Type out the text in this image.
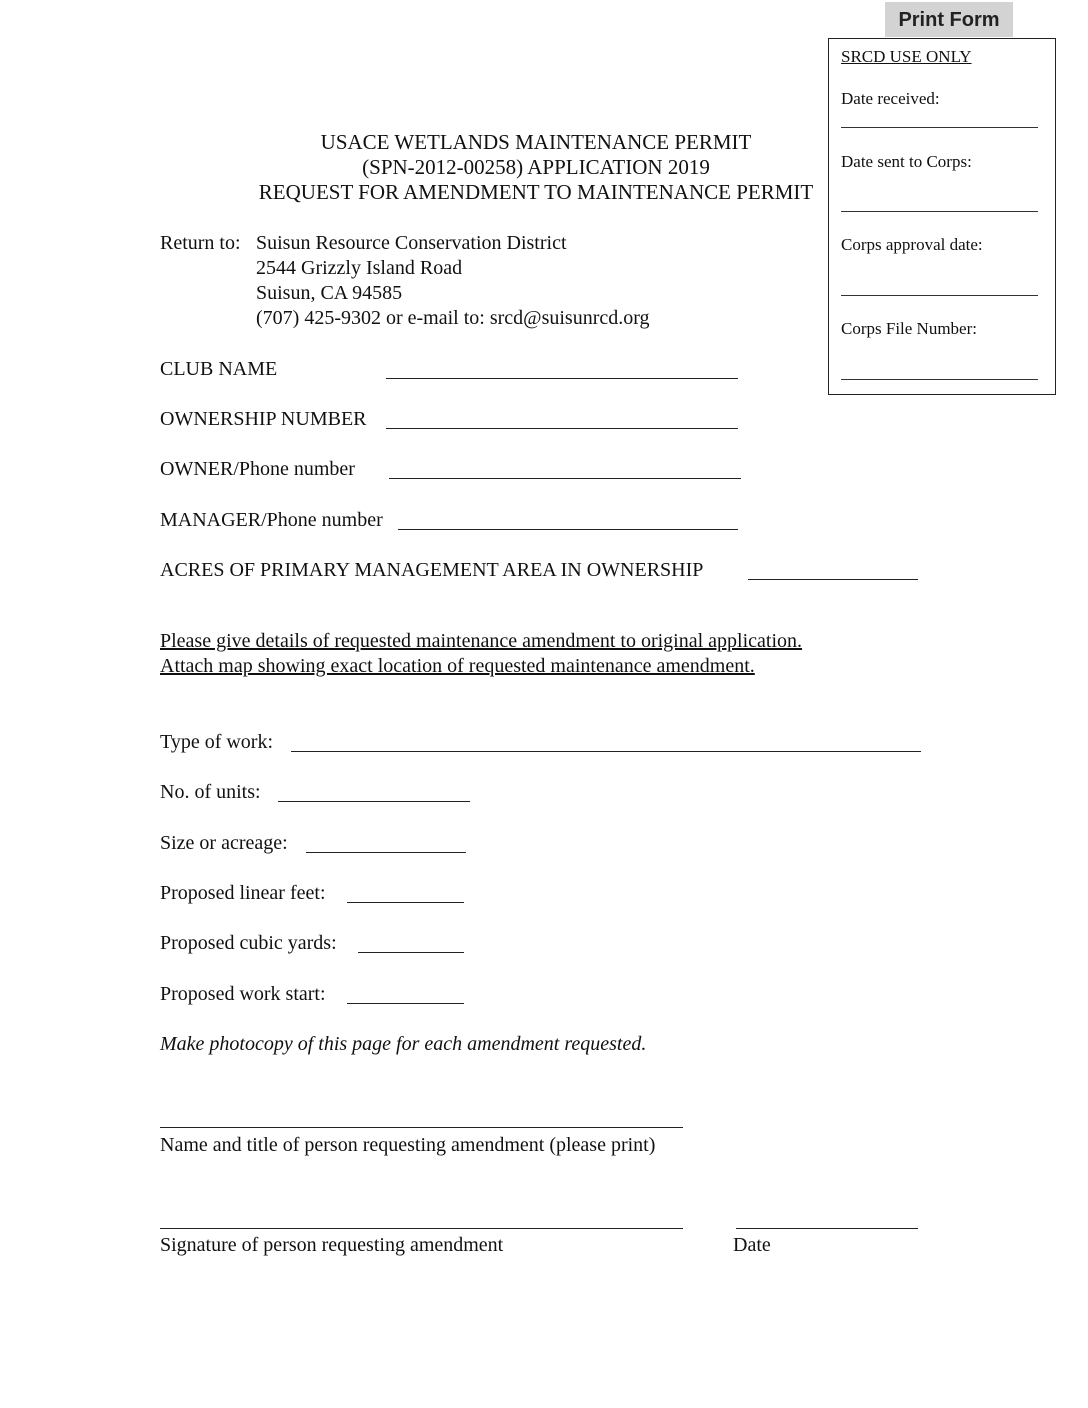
Print Form
SRCD USE ONLY
Date received:
Date sent to Corps:
Corps approval date:
Corps File Number:
USACE WETLANDS MAINTENANCE PERMIT
(SPN-2012-00258) APPLICATION 2019
REQUEST FOR AMENDMENT TO MAINTENANCE PERMIT
Return to: Suisun Resource Conservation District
2544 Grizzly Island Road
Suisun, CA 94585
(707) 425-9302 or e-mail to: srcd@suisunrcd.org
CLUB NAME
OWNERSHIP NUMBER
OWNER/Phone number
MANAGER/Phone number
ACRES OF PRIMARY MANAGEMENT AREA IN OWNERSHIP
Please give details of requested maintenance amendment to original application.
Attach map showing exact location of requested maintenance amendment.
Type of work:
No. of units:
Size or acreage:
Proposed linear feet:
Proposed cubic yards:
Proposed work start:
Make photocopy of this page for each amendment requested.
Name and title of person requesting amendment (please print)
Signature of person requesting amendment	Date
